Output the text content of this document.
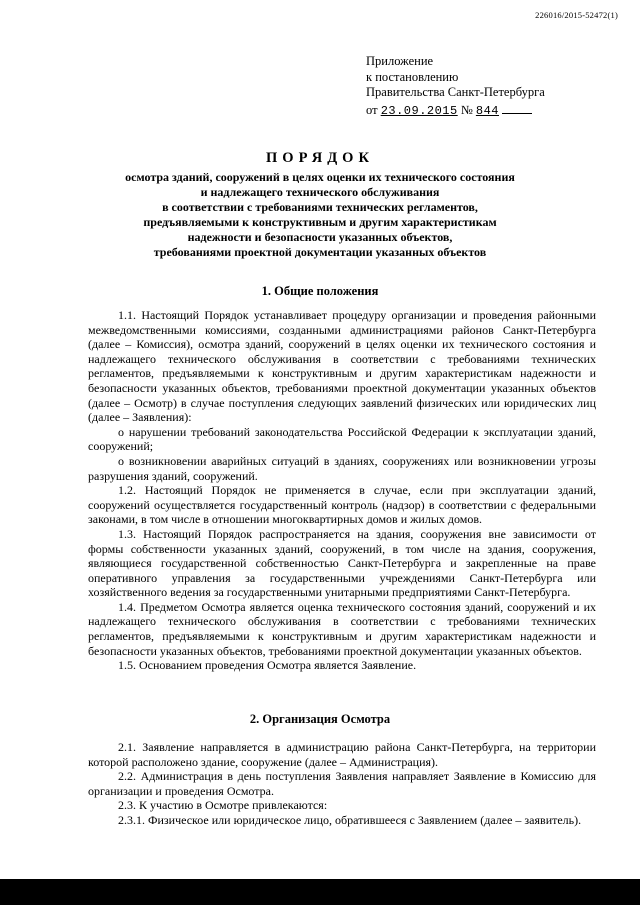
226016/2015-52472(1)
Приложение
к постановлению
Правительства Санкт-Петербурга
от 23.09.2015 № 844
ПОРЯДОК
осмотра зданий, сооружений в целях оценки их технического состояния
и надлежащего технического обслуживания
в соответствии с требованиями технических регламентов,
предъявляемыми к конструктивным и другим характеристикам
надежности и безопасности указанных объектов,
требованиями проектной документации указанных объектов
1. Общие положения

1.1. Настоящий Порядок устанавливает процедуру организации и проведения районными межведомственными комиссиями, созданными администрациями районов Санкт-Петербурга (далее – Комиссия), осмотра зданий, сооружений в целях оценки их технического состояния и надлежащего технического обслуживания в соответствии с требованиями технических регламентов, предъявляемыми к конструктивным и другим характеристикам надежности и безопасности указанных объектов, требованиями проектной документации указанных объектов (далее – Осмотр) в случае поступления следующих заявлений физических или юридических лиц (далее – Заявления):

о нарушении требований законодательства Российской Федерации к эксплуатации зданий, сооружений;

о возникновении аварийных ситуаций в зданиях, сооружениях или возникновении угрозы разрушения зданий, сооружений.

1.2. Настоящий Порядок не применяется в случае, если при эксплуатации зданий, сооружений осуществляется государственный контроль (надзор) в соответствии с федеральными законами, в том числе в отношении многоквартирных домов и жилых домов.

1.3. Настоящий Порядок распространяется на здания, сооружения вне зависимости от формы собственности указанных зданий, сооружений, в том числе на здания, сооружения, являющиеся государственной собственностью Санкт-Петербурга и закрепленные на праве оперативного управления за государственными учреждениями Санкт-Петербурга или хозяйственного ведения за государственными унитарными предприятиями Санкт-Петербурга.

1.4. Предметом Осмотра является оценка технического состояния зданий, сооружений и их надлежащего технического обслуживания в соответствии с требованиями технических регламентов, предъявляемыми к конструктивным и другим характеристикам надежности и безопасности указанных объектов, требованиями проектной документации указанных объектов.

1.5. Основанием проведения Осмотра является Заявление.

2. Организация Осмотра

2.1. Заявление направляется в администрацию района Санкт-Петербурга, на территории которой расположено здание, сооружение (далее – Администрация).

2.2. Администрация в день поступления Заявления направляет Заявление в Комиссию для организации и проведения Осмотра.

2.3. К участию в Осмотре привлекаются:

2.3.1. Физическое или юридическое лицо, обратившееся с Заявлением (далее – заявитель).
